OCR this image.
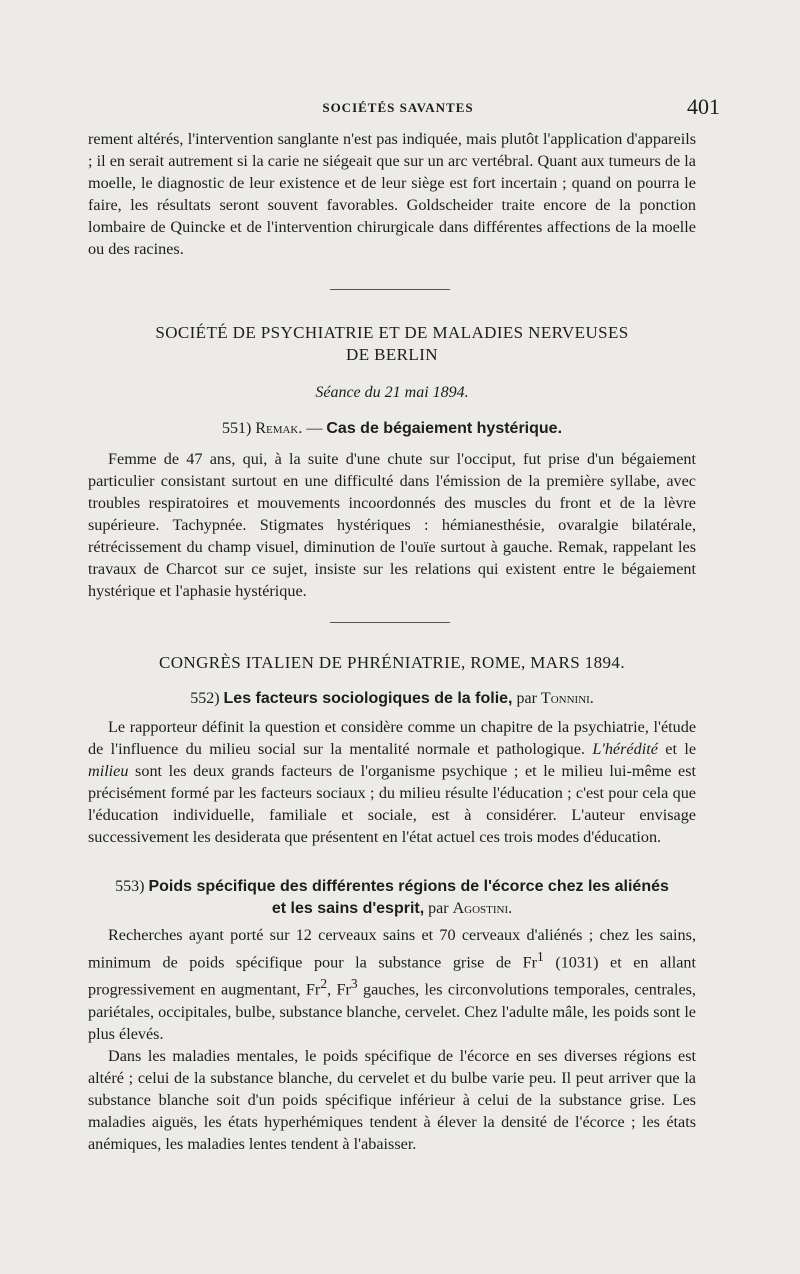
SOCIÉTÉS SAVANTES	401
rement altérés, l'intervention sanglante n'est pas indiquée, mais plutôt l'application d'appareils ; il en serait autrement si la carie ne siégeait que sur un arc vertébral. Quant aux tumeurs de la moelle, le diagnostic de leur existence et de leur siège est fort incertain ; quand on pourra le faire, les résultats seront souvent favorables. Goldscheider traite encore de la ponction lombaire de Quincke et de l'intervention chirurgicale dans différentes affections de la moelle ou des racines.
SOCIÉTÉ DE PSYCHIATRIE ET DE MALADIES NERVEUSES
DE BERLIN
Séance du 21 mai 1894.
551) Remak. — Cas de bégaiement hystérique.

Femme de 47 ans, qui, à la suite d'une chute sur l'occiput, fut prise d'un bégaiement particulier consistant surtout en une difficulté dans l'émission de la première syllabe, avec troubles respiratoires et mouvements incoordonnés des muscles du front et de la lèvre supérieure. Tachypnée. Stigmates hystériques : hémianesthésie, ovaralgie bilatérale, rétrécissement du champ visuel, diminution de l'ouïe surtout à gauche. Remak, rappelant les travaux de Charcot sur ce sujet, insiste sur les relations qui existent entre le bégaiement hystérique et l'aphasie hystérique.

CONGRÈS ITALIEN DE PHRÉNIATRIE, ROME, MARS 1894.
552) Les facteurs sociologiques de la folie, par Tonnini.

Le rapporteur définit la question et considère comme un chapitre de la psychiatrie, l'étude de l'influence du milieu social sur la mentalité normale et pathologique. L'hérédité et le milieu sont les deux grands facteurs de l'organisme psychique ; et le milieu lui-même est précisément formé par les facteurs sociaux ; du milieu résulte l'éducation ; c'est pour cela que l'éducation individuelle, familiale et sociale, est à considérer. L'auteur envisage successivement les desiderata que présentent en l'état actuel ces trois modes d'éducation.

553) Poids spécifique des différentes régions de l'écorce chez les aliénés
et les sains d'esprit, par Agostini.

Recherches ayant porté sur 12 cerveaux sains et 70 cerveaux d'aliénés ; chez les sains, minimum de poids spécifique pour la substance grise de Fr$^1$ (1031) et en allant progressivement en augmentant, Fr$^2$, Fr$^3$ gauches, les circonvolutions temporales, centrales, pariétales, occipitales, bulbe, substance blanche, cervelet. Chez l'adulte mâle, les poids sont le plus élevés.

Dans les maladies mentales, le poids spécifique de l'écorce en ses diverses régions est altéré ; celui de la substance blanche, du cervelet et du bulbe varie peu. Il peut arriver que la substance blanche soit d'un poids spécifique inférieur à celui de la substance grise. Les maladies aiguës, les états hyperhémiques tendent à élever la densité de l'écorce ; les états anémiques, les maladies lentes tendent à l'abaisser.
